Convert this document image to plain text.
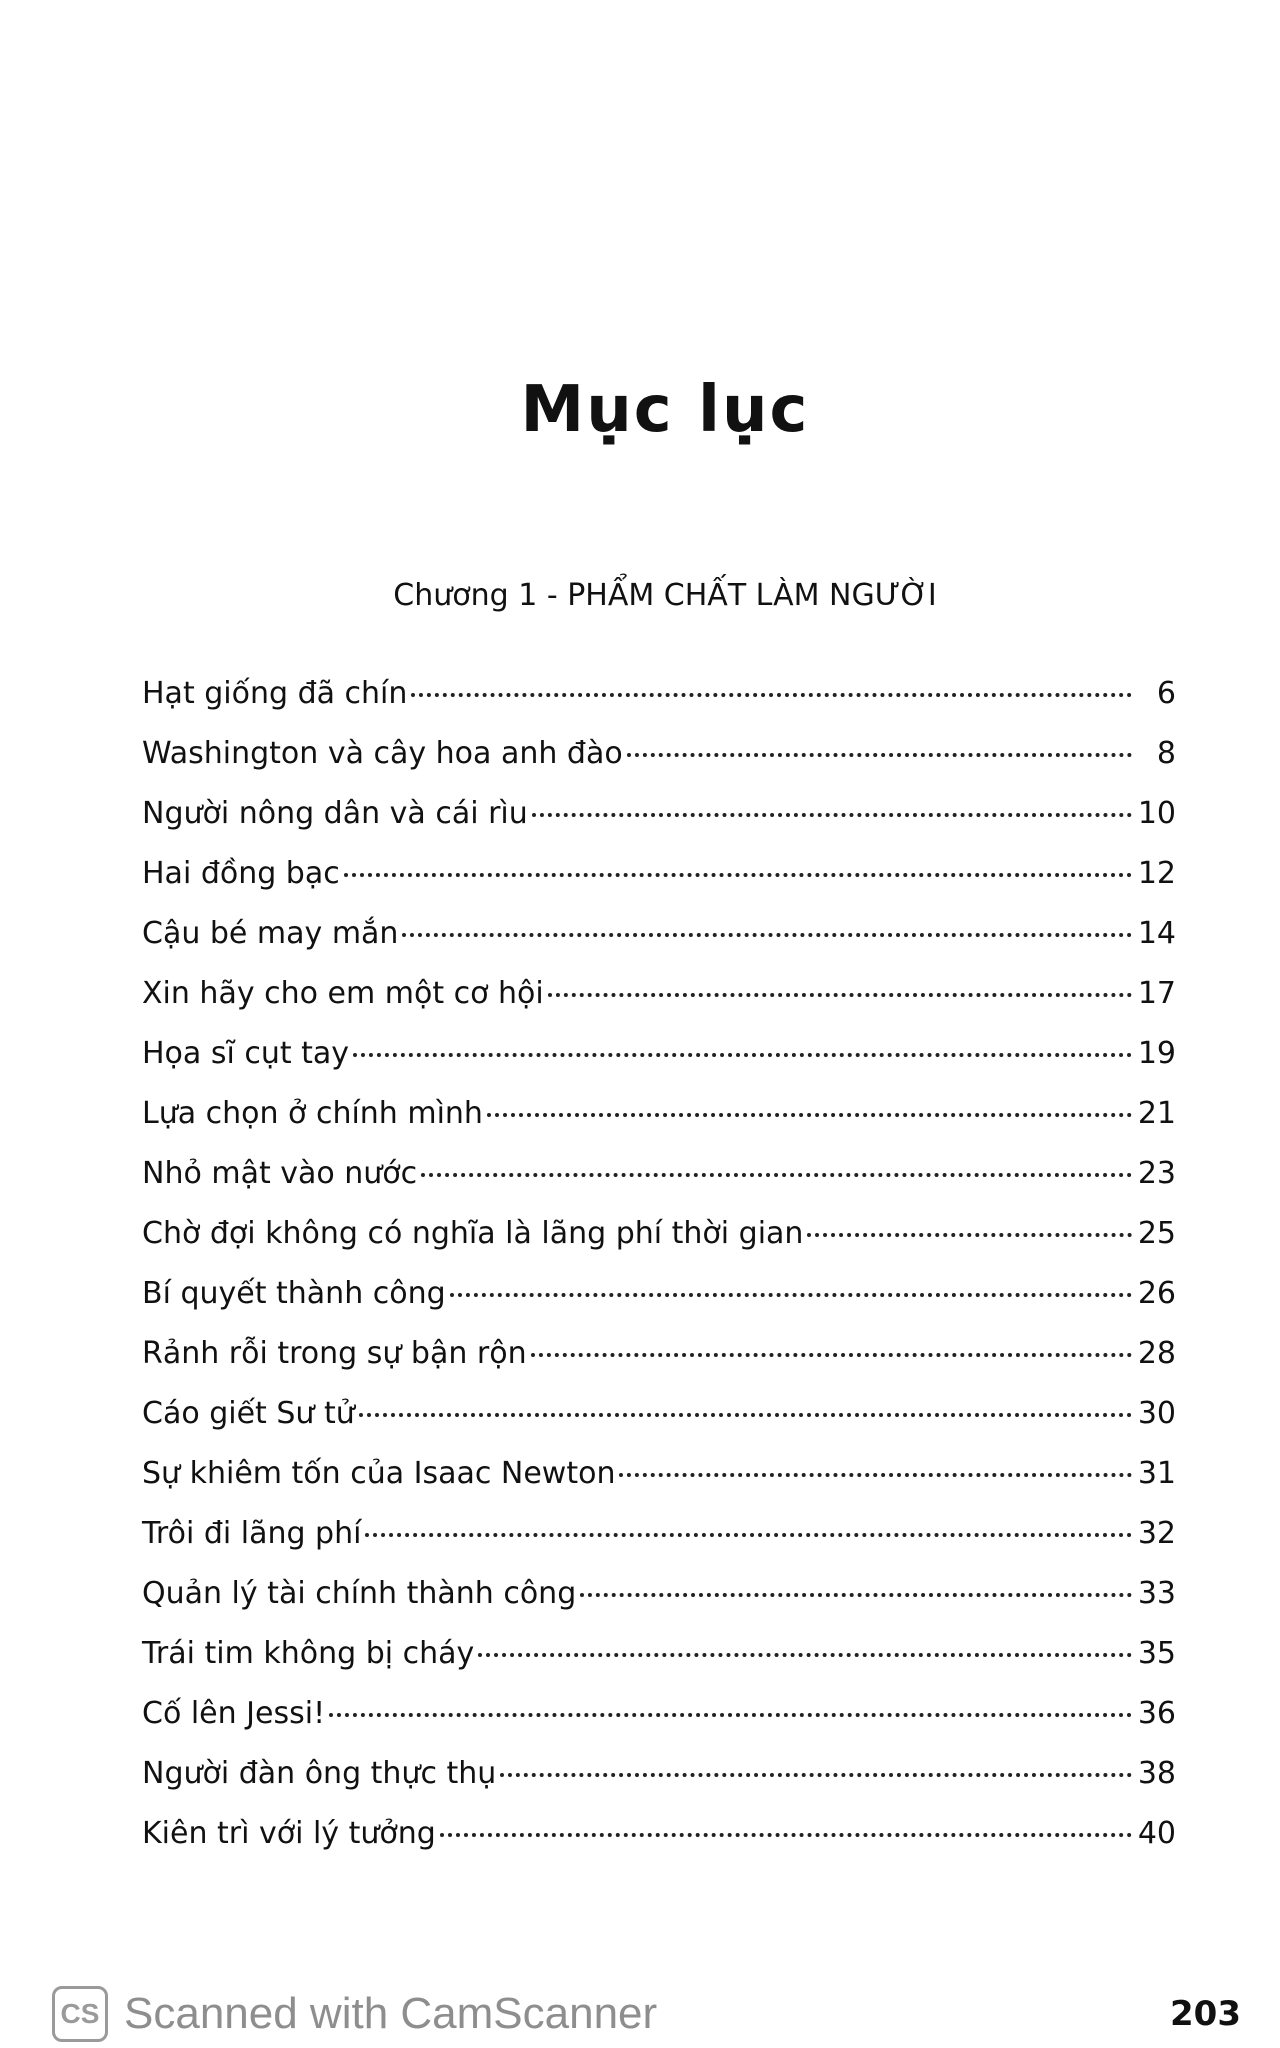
Mục lục
Chương 1 - PHẨM CHẤT LÀM NGƯỜI
Hạt giống đã chín	6
Washington và cây hoa anh đào	8
Người nông dân và cái rìu	10
Hai đồng bạc	12
Cậu bé may mắn	14
Xin hãy cho em một cơ hội	17
Họa sĩ cụt tay	19
Lựa chọn ở chính mình	21
Nhỏ mật vào nước	23
Chờ đợi không có nghĩa là lãng phí thời gian	25
Bí quyết thành công	26
Rảnh rỗi trong sự bận rộn	28
Cáo giết Sư tử	30
Sự khiêm tốn của Isaac Newton	31
Trôi đi lãng phí	32
Quản lý tài chính thành công	33
Trái tim không bị cháy	35
Cố lên Jessi!	36
Người đàn ông thực thụ	38
Kiên trì với lý tưởng	40
CS Scanned with CamScanner	203
